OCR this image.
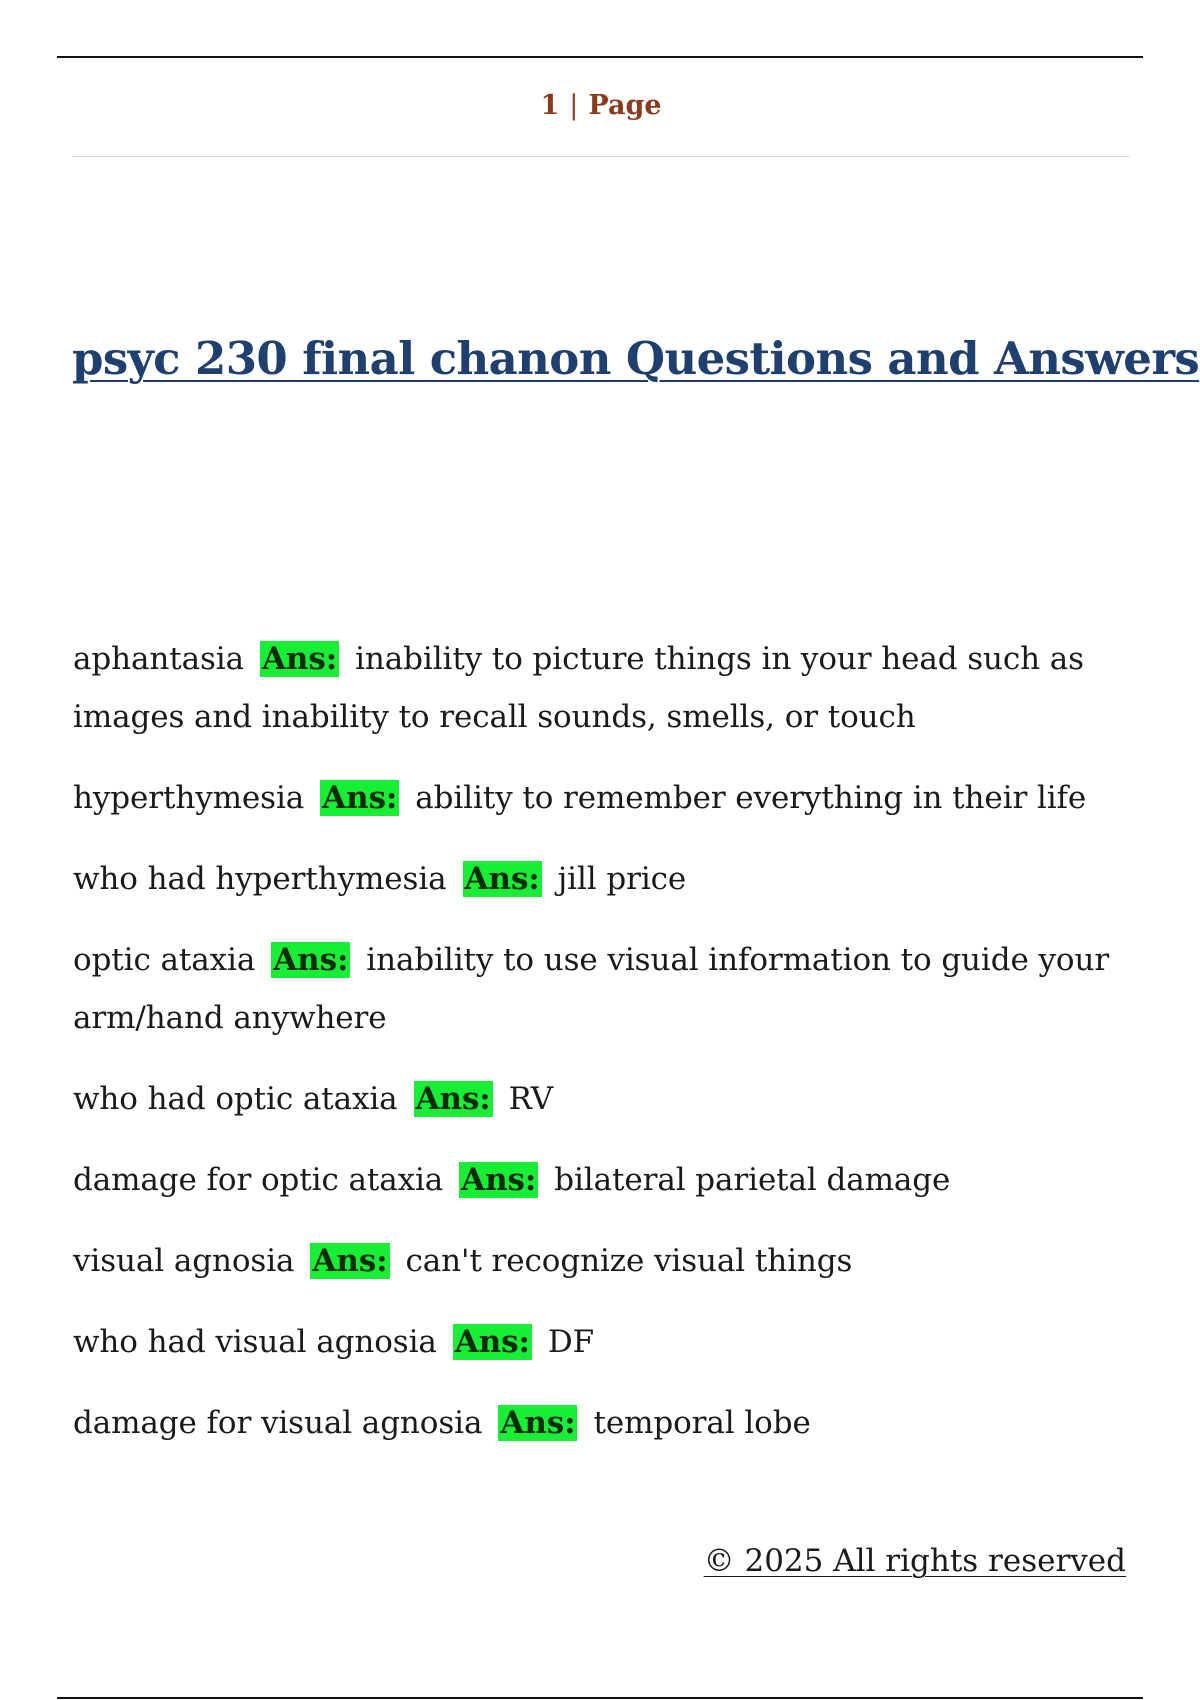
1 | Page
psyc 230 final chanon Questions and Answers
aphantasia Ans: inability to picture things in your head such as images and inability to recall sounds, smells, or touch
hyperthymesia Ans: ability to remember everything in their life
who had hyperthymesia Ans: jill price
optic ataxia Ans: inability to use visual information to guide your arm/hand anywhere
who had optic ataxia Ans: RV
damage for optic ataxia Ans: bilateral parietal damage
visual agnosia Ans: can't recognize visual things
who had visual agnosia Ans: DF
damage for visual agnosia Ans: temporal lobe
© 2025 All rights reserved
